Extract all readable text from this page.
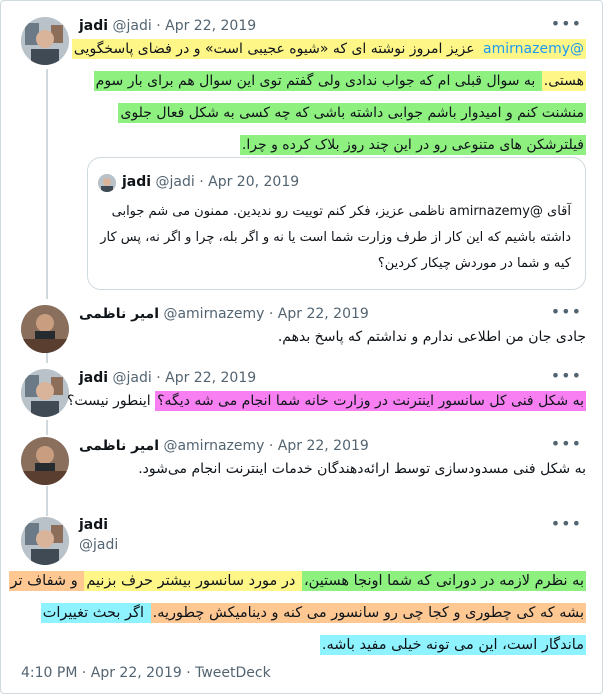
jadi @jadi · Apr 22, 2019	•••
@amirnazemy عزیز امروز نوشته ای که «شیوه عجیبی است» و در فضای پاسخگویی
هستی. به سوال قبلی ام که جواب ندادی ولی گفتم توی این سوال هم برای بار سوم
منشنت کنم و امیدوار باشم جوابی داشته باشی که چه کسی به شکل فعال جلوی
فیلترشکن های متنوعی رو در این چند روز بلاک کرده و چرا.
jadi @jadi · Apr 20, 2019
آقای @amirnazemy ناظمی عزیز، فکر کنم توییت رو ندیدین. ممنون می شم جوابی
داشته باشیم که این کار از طرف وزارت شما است یا نه و اگر بله، چرا و اگر نه، پس کار
کیه و شما در موردش چیکار کردین؟
امیر ناظمی @amirnazemy · Apr 22, 2019	•••
جادی جان من اطلاعی ندارم و نداشتم که پاسخ بدهم.
jadi @jadi · Apr 22, 2019	•••
به شکل فنی کل سانسور اینترنت در وزارت خانه شما انجام می شه دیگه؟ اینطور نیست؟
امیر ناظمی @amirnazemy · Apr 22, 2019	•••
به شکل فنی مسدودسازی توسط ارائه‌دهندگان خدمات اینترنت انجام می‌شود.
jadi
@jadi
•••
به نظرم لازمه در دورانی که شما اونجا هستین، در مورد سانسور بیشتر حرف بزنیم و شفاف تر
بشه که کی چطوری و کجا چی رو سانسور می کنه و دینامیکش چطوریه. اگر بحث تغییرات
ماندگار است، این می تونه خیلی مفید باشه.
4:10 PM · Apr 22, 2019 · TweetDeck
